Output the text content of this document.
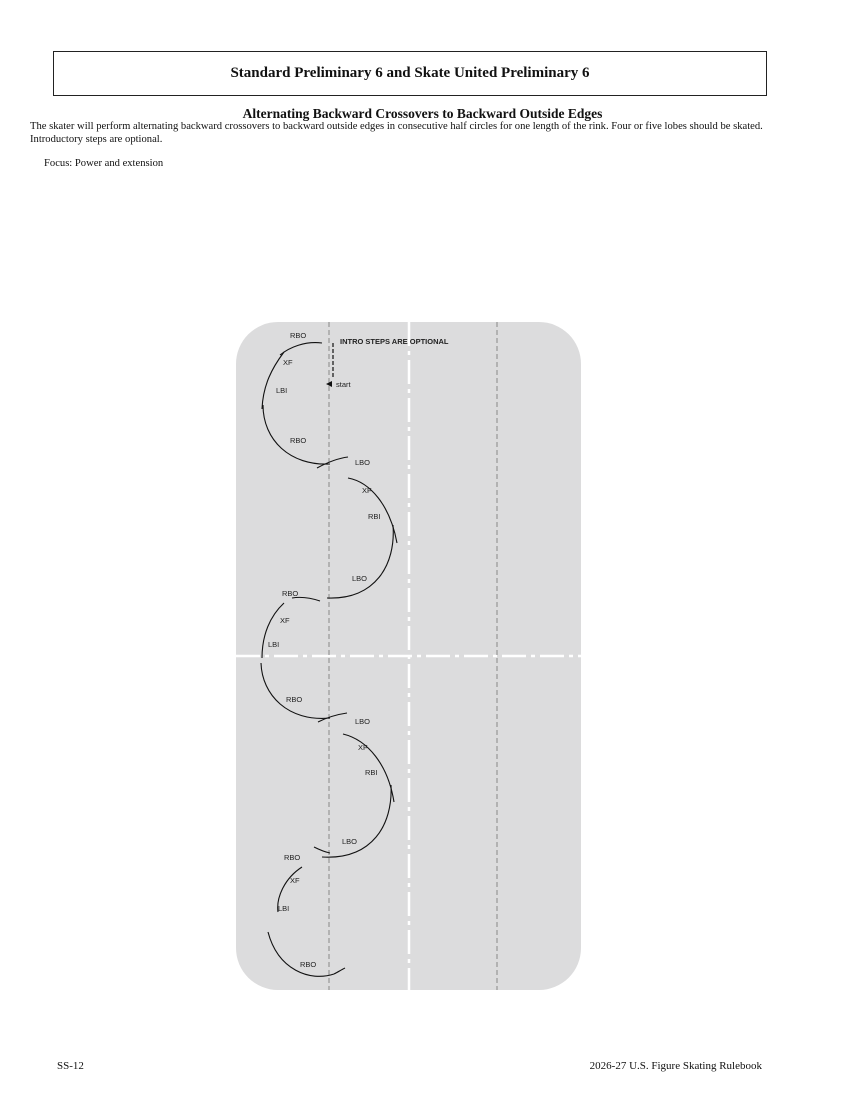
Standard Preliminary 6 and Skate United Preliminary 6
Alternating Backward Crossovers to Backward Outside Edges

The skater will perform alternating backward crossovers to backward outside edges in consecutive half circles for one length of the rink. Four or five lobes should be skated. Introductory steps are optional.

Focus: Power and extension
INTRO STEPS ARE OPTIONAL
start
RBO
XF
LBI
RBO
LBO
XF
RBI
LBO
RBO
XF
LBI
RBO
LBO
XF
RBI
LBO
RBO
XF
LBI
RBO
SS-12	2026-27 U.S. Figure Skating Rulebook
